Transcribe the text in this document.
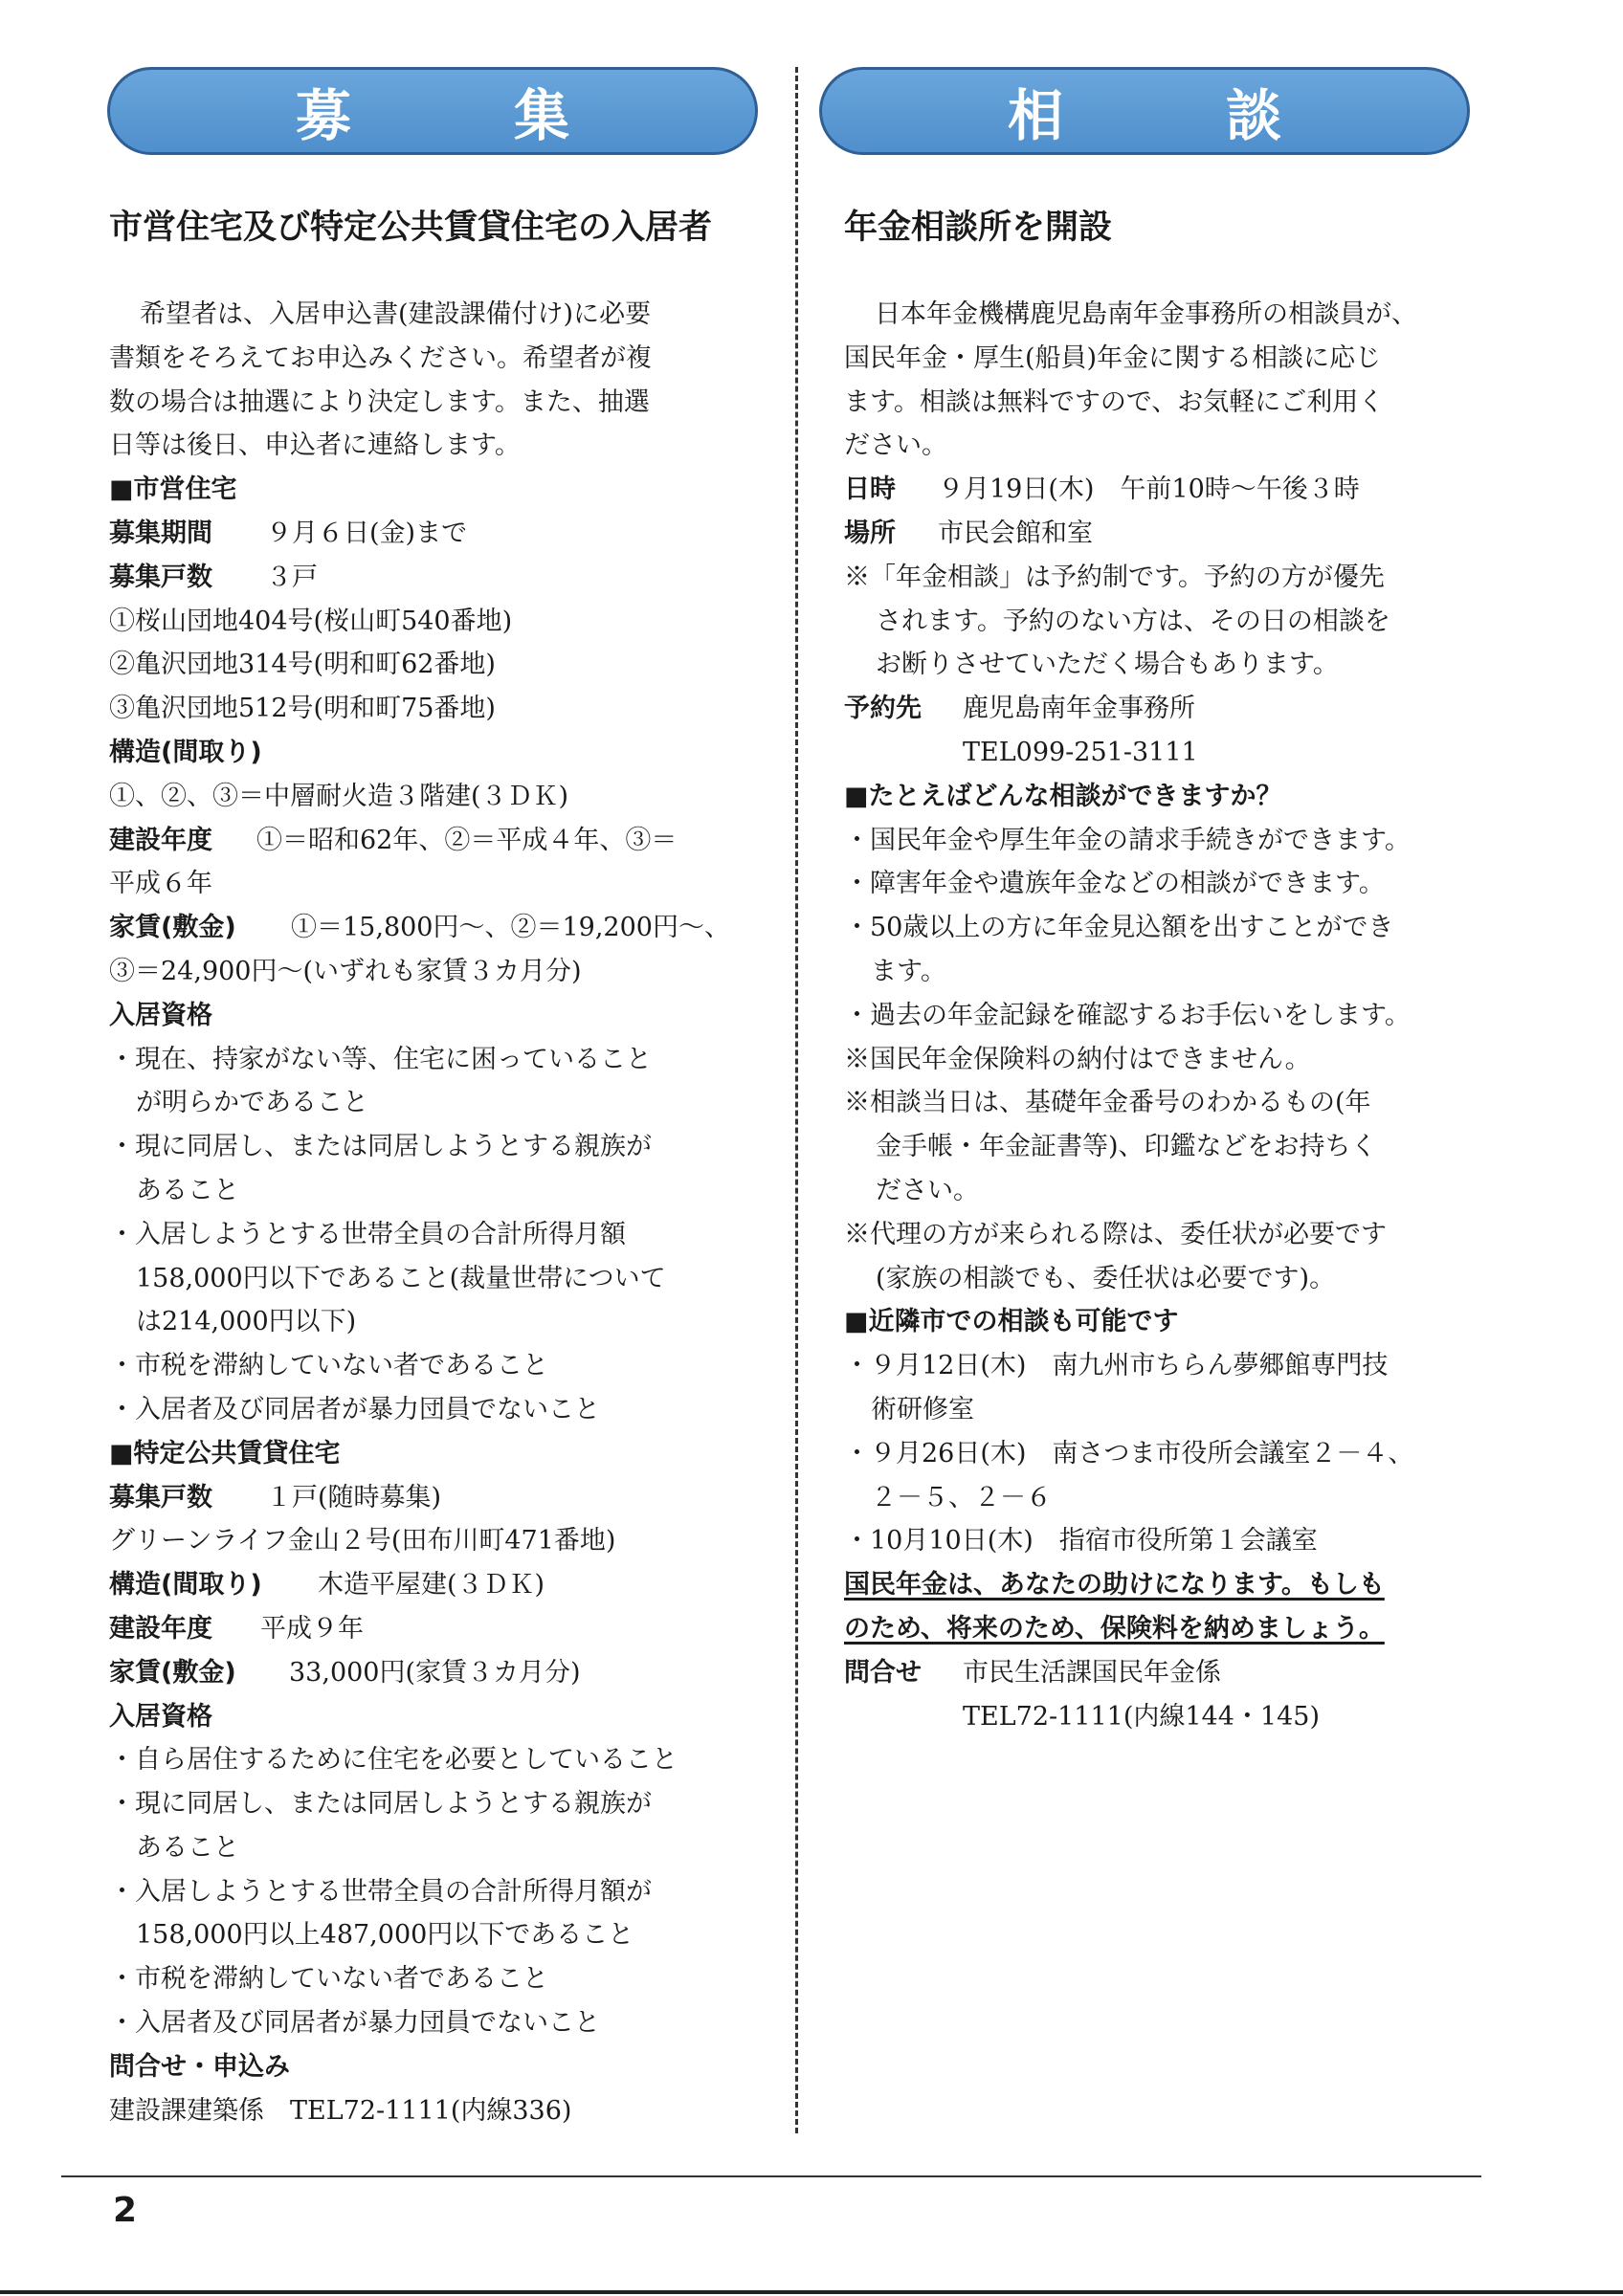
募	集	相	談
市営住宅及び特定公共賃貸住宅の入居者
希望者は、入居申込書(建設課備付け)に必要
書類をそろえてお申込みください。希望者が複
数の場合は抽選により決定します。また、抽選
日等は後日、申込者に連絡します。
■市営住宅
募集期間 ９月６日(金)まで
募集戸数 ３戸
①桜山団地404号(桜山町540番地)
②亀沢団地314号(明和町62番地)
③亀沢団地512号(明和町75番地)
構造(間取り)
①、②、③＝中層耐火造３階建(３ＤＫ)
建設年度 ①＝昭和62年、②＝平成４年、③＝
平成６年
家賃(敷金) ①＝15,800円～、②＝19,200円～、
③＝24,900円～(いずれも家賃３カ月分)
入居資格
・現在、持家がない等、住宅に困っていること
が明らかであること
・現に同居し、または同居しようとする親族が
あること
・入居しようとする世帯全員の合計所得月額
158,000円以下であること(裁量世帯について
は214,000円以下)
・市税を滞納していない者であること
・入居者及び同居者が暴力団員でないこと
■特定公共賃貸住宅
募集戸数 １戸(随時募集)
グリーンライフ金山２号(田布川町471番地)
構造(間取り) 木造平屋建(３ＤＫ)
建設年度 平成９年
家賃(敷金) 33,000円(家賃３カ月分)
入居資格
・自ら居住するために住宅を必要としていること
・現に同居し、または同居しようとする親族が
あること
・入居しようとする世帯全員の合計所得月額が
158,000円以上487,000円以下であること
・市税を滞納していない者であること
・入居者及び同居者が暴力団員でないこと
問合せ・申込み
建設課建築係　TEL72-1111(内線336)
年金相談所を開設
日本年金機構鹿児島南年金事務所の相談員が、
国民年金・厚生(船員)年金に関する相談に応じ
ます。相談は無料ですので、お気軽にご利用く
ださい。
日時 ９月19日(木)　午前10時～午後３時
場所 市民会館和室
※「年金相談」は予約制です。予約の方が優先
されます。予約のない方は、その日の相談を
お断りさせていただく場合もあります。
予約先 鹿児島南年金事務所
TEL099-251-3111
■たとえばどんな相談ができますか？
・国民年金や厚生年金の請求手続きができます。
・障害年金や遺族年金などの相談ができます。
・50歳以上の方に年金見込額を出すことができ
ます。
・過去の年金記録を確認するお手伝いをします。
※国民年金保険料の納付はできません。
※相談当日は、基礎年金番号のわかるもの(年
金手帳・年金証書等)、印鑑などをお持ちく
ださい。
※代理の方が来られる際は、委任状が必要です
(家族の相談でも、委任状は必要です)。
■近隣市での相談も可能です
・９月12日(木)　南九州市ちらん夢郷館専門技
術研修室
・９月26日(木)　南さつま市役所会議室２－４、
２－５、２－６
・10月10日(木)　指宿市役所第１会議室
国民年金は、あなたの助けになります。もしも
のため、将来のため、保険料を納めましょう。
問合せ 市民生活課国民年金係
TEL72-1111(内線144・145)
2
